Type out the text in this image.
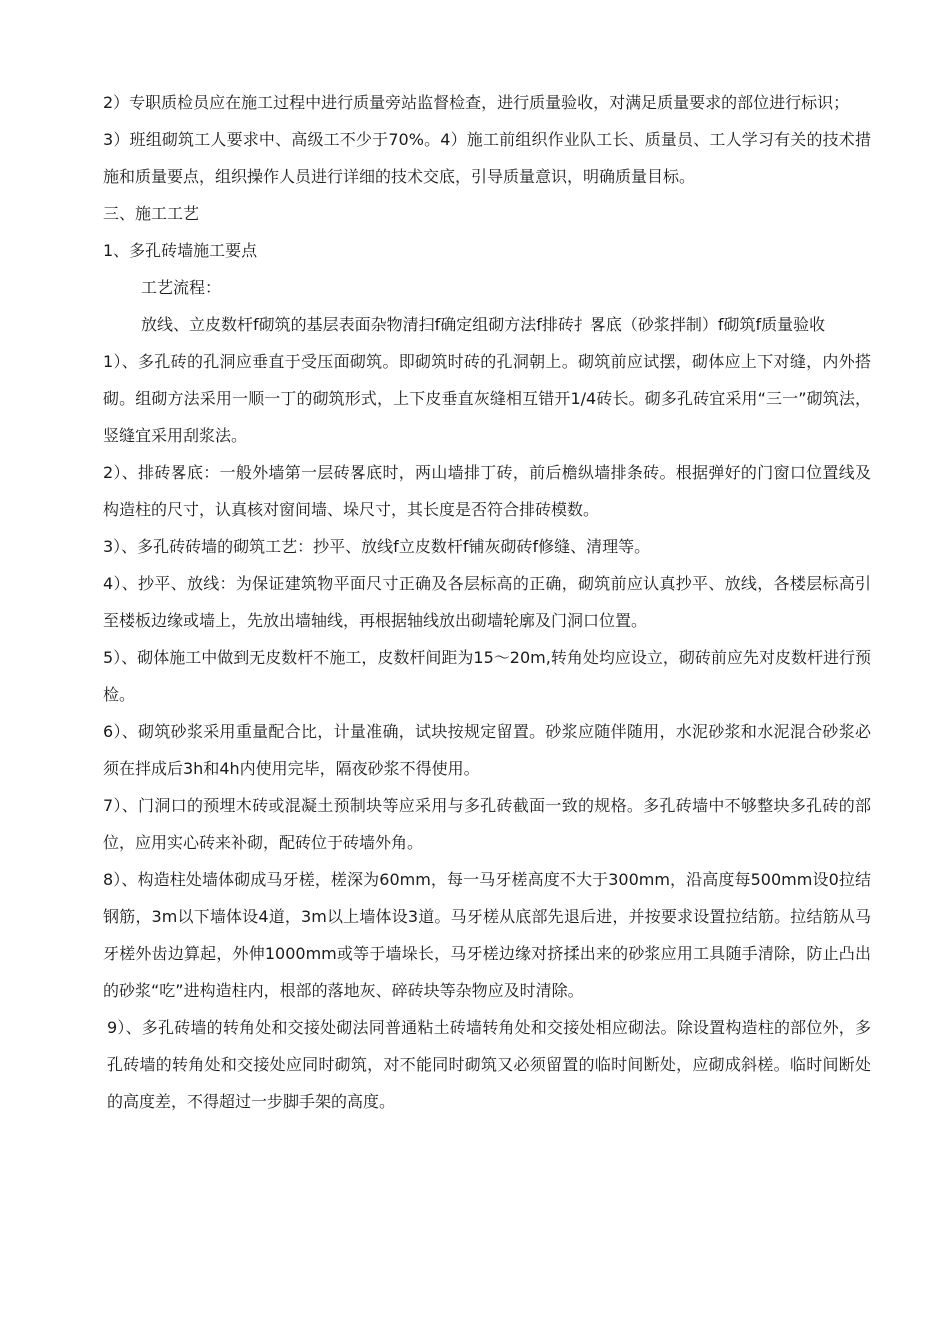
2）专职质检员应在施工过程中进行质量旁站监督检查，进行质量验收，对满足质量要求的部位进行标识；

3）班组砌筑工人要求中、高级工不少于70%。4）施工前组织作业队工长、质量员、工人学习有关的技术措施和质量要点，组织操作人员进行详细的技术交底，引导质量意识，明确质量目标。

三、施工工艺

1、多孔砖墙施工要点

工艺流程：

放线、立皮数杆f砌筑的基层表面杂物清扫f确定组砌方法f排砖扌畧底（砂浆拌制）f砌筑f质量验收

1）、多孔砖的孔洞应垂直于受压面砌筑。即砌筑时砖的孔洞朝上。砌筑前应试摆，砌体应上下对缝，内外搭砌。组砌方法采用一顺一丁的砌筑形式，上下皮垂直灰缝相互错开1/4砖长。砌多孔砖宜采用“三一”砌筑法，竖缝宜采用刮浆法。

2）、排砖畧底：一般外墙第一层砖畧底时，两山墙排丁砖，前后檐纵墙排条砖。根据弹好的门窗口位置线及构造柱的尺寸，认真核对窗间墙、垛尺寸，其长度是否符合排砖模数。

3）、多孔砖砖墙的砌筑工艺：抄平、放线f立皮数杆f铺灰砌砖f修缝、清理等。

4）、抄平、放线：为保证建筑物平面尺寸正确及各层标高的正确，砌筑前应认真抄平、放线，各楼层标高引至楼板边缘或墙上，先放出墙轴线，再根据轴线放出砌墙轮廓及门洞口位置。

5）、砌体施工中做到无皮数杆不施工，皮数杆间距为15〜20m,转角处均应设立，砌砖前应先对皮数杆进行预检。

6）、砌筑砂浆采用重量配合比，计量准确，试块按规定留置。砂浆应随伴随用，水泥砂浆和水泥混合砂浆必须在拌成后3h和4h内使用完毕，隔夜砂浆不得使用。

7）、门洞口的预埋木砖或混凝土预制块等应采用与多孔砖截面一致的规格。多孔砖墙中不够整块多孔砖的部位，应用实心砖来补砌，配砖位于砖墙外角。

8）、构造柱处墙体砌成马牙槎，槎深为60mm，每一马牙槎高度不大于300mm，沿高度每500mm设0拉结钢筋，3m以下墙体设4道，3m以上墙体设3道。马牙槎从底部先退后进，并按要求设置拉结筋。拉结筋从马牙槎外齿边算起，外伸1000mm或等于墙垛长，马牙槎边缘对挤揉出来的砂浆应用工具随手清除，防止凸出的砂浆“吃”进构造柱内，根部的落地灰、碎砖块等杂物应及时清除。

9）、多孔砖墙的转角处和交接处砌法同普通粘土砖墙转角处和交接处相应砌法。除设置构造柱的部位外，多孔砖墙的转角处和交接处应同时砌筑，对不能同时砌筑又必须留置的临时间断处，应砌成斜槎。临时间断处的高度差，不得超过一步脚手架的高度。
